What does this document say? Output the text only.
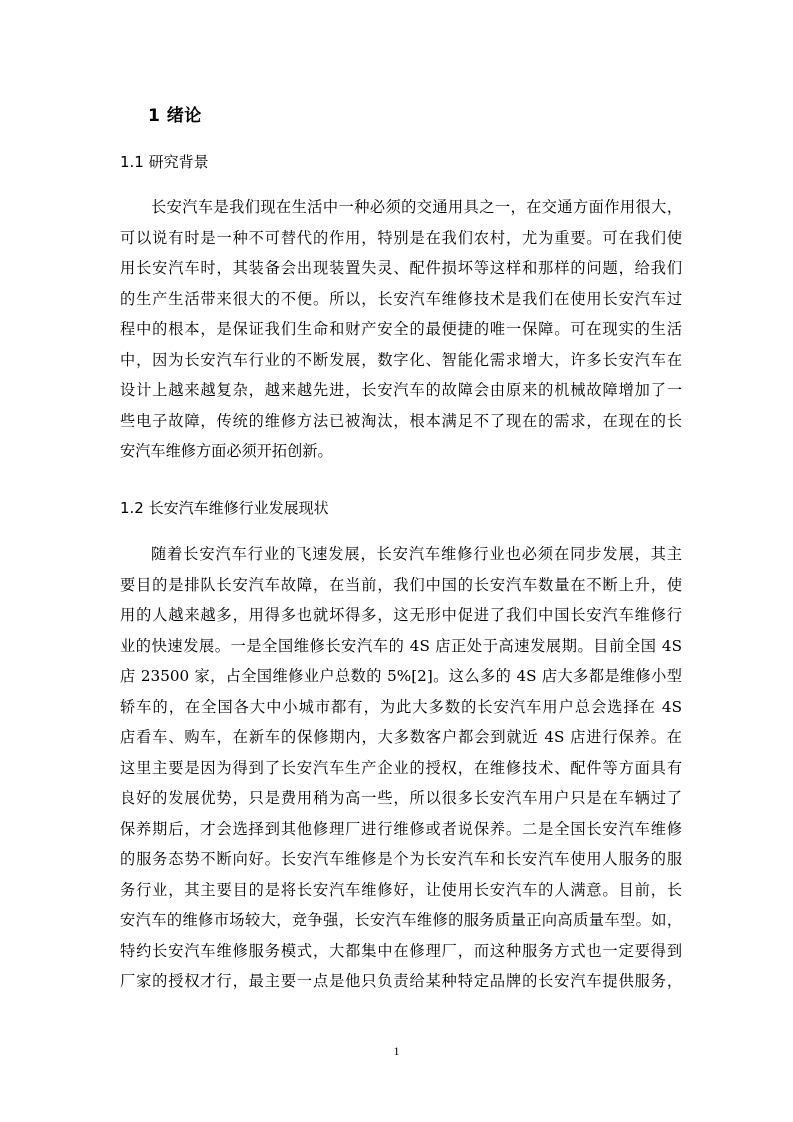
1 绪论
1.1 研究背景
长安汽车是我们现在生活中一种必须的交通用具之一，在交通方面作用很大，
可以说有时是一种不可替代的作用，特别是在我们农村，尤为重要。可在我们使
用长安汽车时，其装备会出现装置失灵、配件损坏等这样和那样的问题，给我们
的生产生活带来很大的不便。所以，长安汽车维修技术是我们在使用长安汽车过
程中的根本，是保证我们生命和财产安全的最便捷的唯一保障。可在现实的生活
中，因为长安汽车行业的不断发展，数字化、智能化需求增大，许多长安汽车在
设计上越来越复杂，越来越先进，长安汽车的故障会由原来的机械故障增加了一
些电子故障，传统的维修方法已被淘汰，根本满足不了现在的需求，在现在的长
安汽车维修方面必须开拓创新。
1.2 长安汽车维修行业发展现状
随着长安汽车行业的飞速发展，长安汽车维修行业也必须在同步发展，其主
要目的是排队长安汽车故障，在当前，我们中国的长安汽车数量在不断上升，使
用的人越来越多，用得多也就坏得多，这无形中促进了我们中国长安汽车维修行
业的快速发展。一是全国维修长安汽车的 4S 店正处于高速发展期。目前全国 4S
店 23500 家，占全国维修业户总数的 5%[2]。这么多的 4S 店大多都是维修小型
轿车的，在全国各大中小城市都有，为此大多数的长安汽车用户总会选择在 4S
店看车、购车，在新车的保修期内，大多数客户都会到就近 4S 店进行保养。在
这里主要是因为得到了长安汽车生产企业的授权，在维修技术、配件等方面具有
良好的发展优势，只是费用稍为高一些，所以很多长安汽车用户只是在车辆过了
保养期后，才会选择到其他修理厂进行维修或者说保养。二是全国长安汽车维修
的服务态势不断向好。长安汽车维修是个为长安汽车和长安汽车使用人服务的服
务行业，其主要目的是将长安汽车维修好，让使用长安汽车的人满意。目前，长
安汽车的维修市场较大，竞争强，长安汽车维修的服务质量正向高质量车型。如，
特约长安汽车维修服务模式，大都集中在修理厂，而这种服务方式也一定要得到
厂家的授权才行，最主要一点是他只负责给某种特定品牌的长安汽车提供服务，
1
